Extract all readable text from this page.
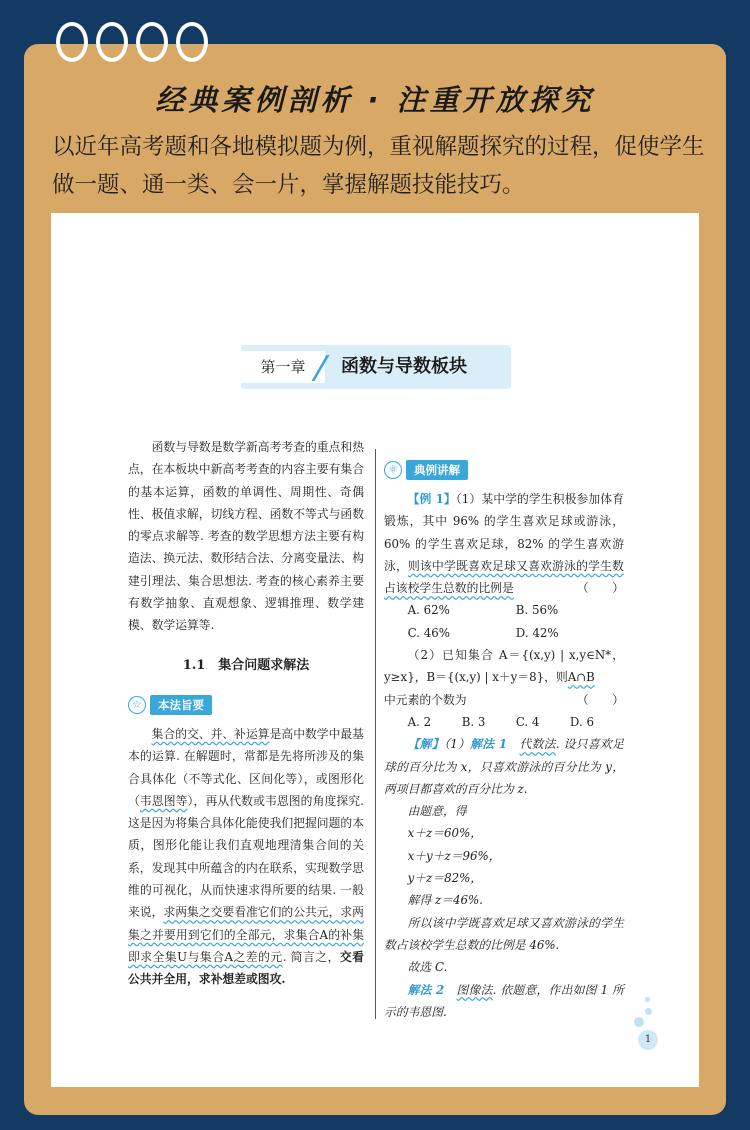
经典案例剖析 · 注重开放探究
以近年高考题和各地模拟题为例，重视解题探究的过程，促使学生做一题、通一类、会一片，掌握解题技能技巧。
第一章	函数与导数板块

函数与导数是数学新高考考查的重点和热点，在本板块中新高考考查的内容主要有集合的基本运算，函数的单调性、周期性、奇偶性、极值求解，切线方程、函数不等式与函数的零点求解等. 考查的数学思想方法主要有构造法、换元法、数形结合法、分离变量法、构建引理法、集合思想法. 考查的核心素养主要有数学抽象、直观想象、逻辑推理、数学建模、数学运算等.

1.1　集合问题求解法
☆	本法旨要

集合的交、并、补运算是高中数学中最基本的运算. 在解题时，常都是先将所涉及的集合具体化（不等式化、区间化等），或图形化（韦恩图等），再从代数或韦恩图的角度探究. 这是因为将集合具体化能使我们把握问题的本质，图形化能让我们直观地理清集合间的关系，发现其中所蕴含的内在联系，实现数学思维的可视化，从而快速求得所要的结果. 一般来说，求两集之交要看准它们的公共元，求两集之并要用到它们的全部元，求集合A的补集即求全集U与集合A之差的元. 简言之，交看公共并全用，求补想差或图攻.

⚛	典例讲解

【例 1】（1）某中学的学生积极参加体育锻炼，其中 96% 的学生喜欢足球或游泳，60% 的学生喜欢足球，82% 的学生喜欢游泳，则该中学既喜欢足球又喜欢游泳的学生数占该校学生总数的比例是	（　　）

A. 62%	B. 56%
C. 46%	D. 42%

（2）已知集合 A＝{(x,y) | x,y∈N*，y≥x}，B＝{(x,y) | x＋y＝8}，则A∩B
中元素的个数为	（　　）

A. 2	B. 3	C. 4	D. 6

【解】（1）解法 1　 代数法. 设只喜欢足球的百分比为 x，只喜欢游泳的百分比为 y，两项目都喜欢的百分比为 z.

由题意，得
x＋z＝60%，
x＋y＋z＝96%，
y＋z＝82%，
解得 z＝46%.

所以该中学既喜欢足球又喜欢游泳的学生数占该校学生总数的比例是 46%.

故选 C.

解法 2　 图像法. 依题意，作出如图 1 所示的韦恩图.

1
